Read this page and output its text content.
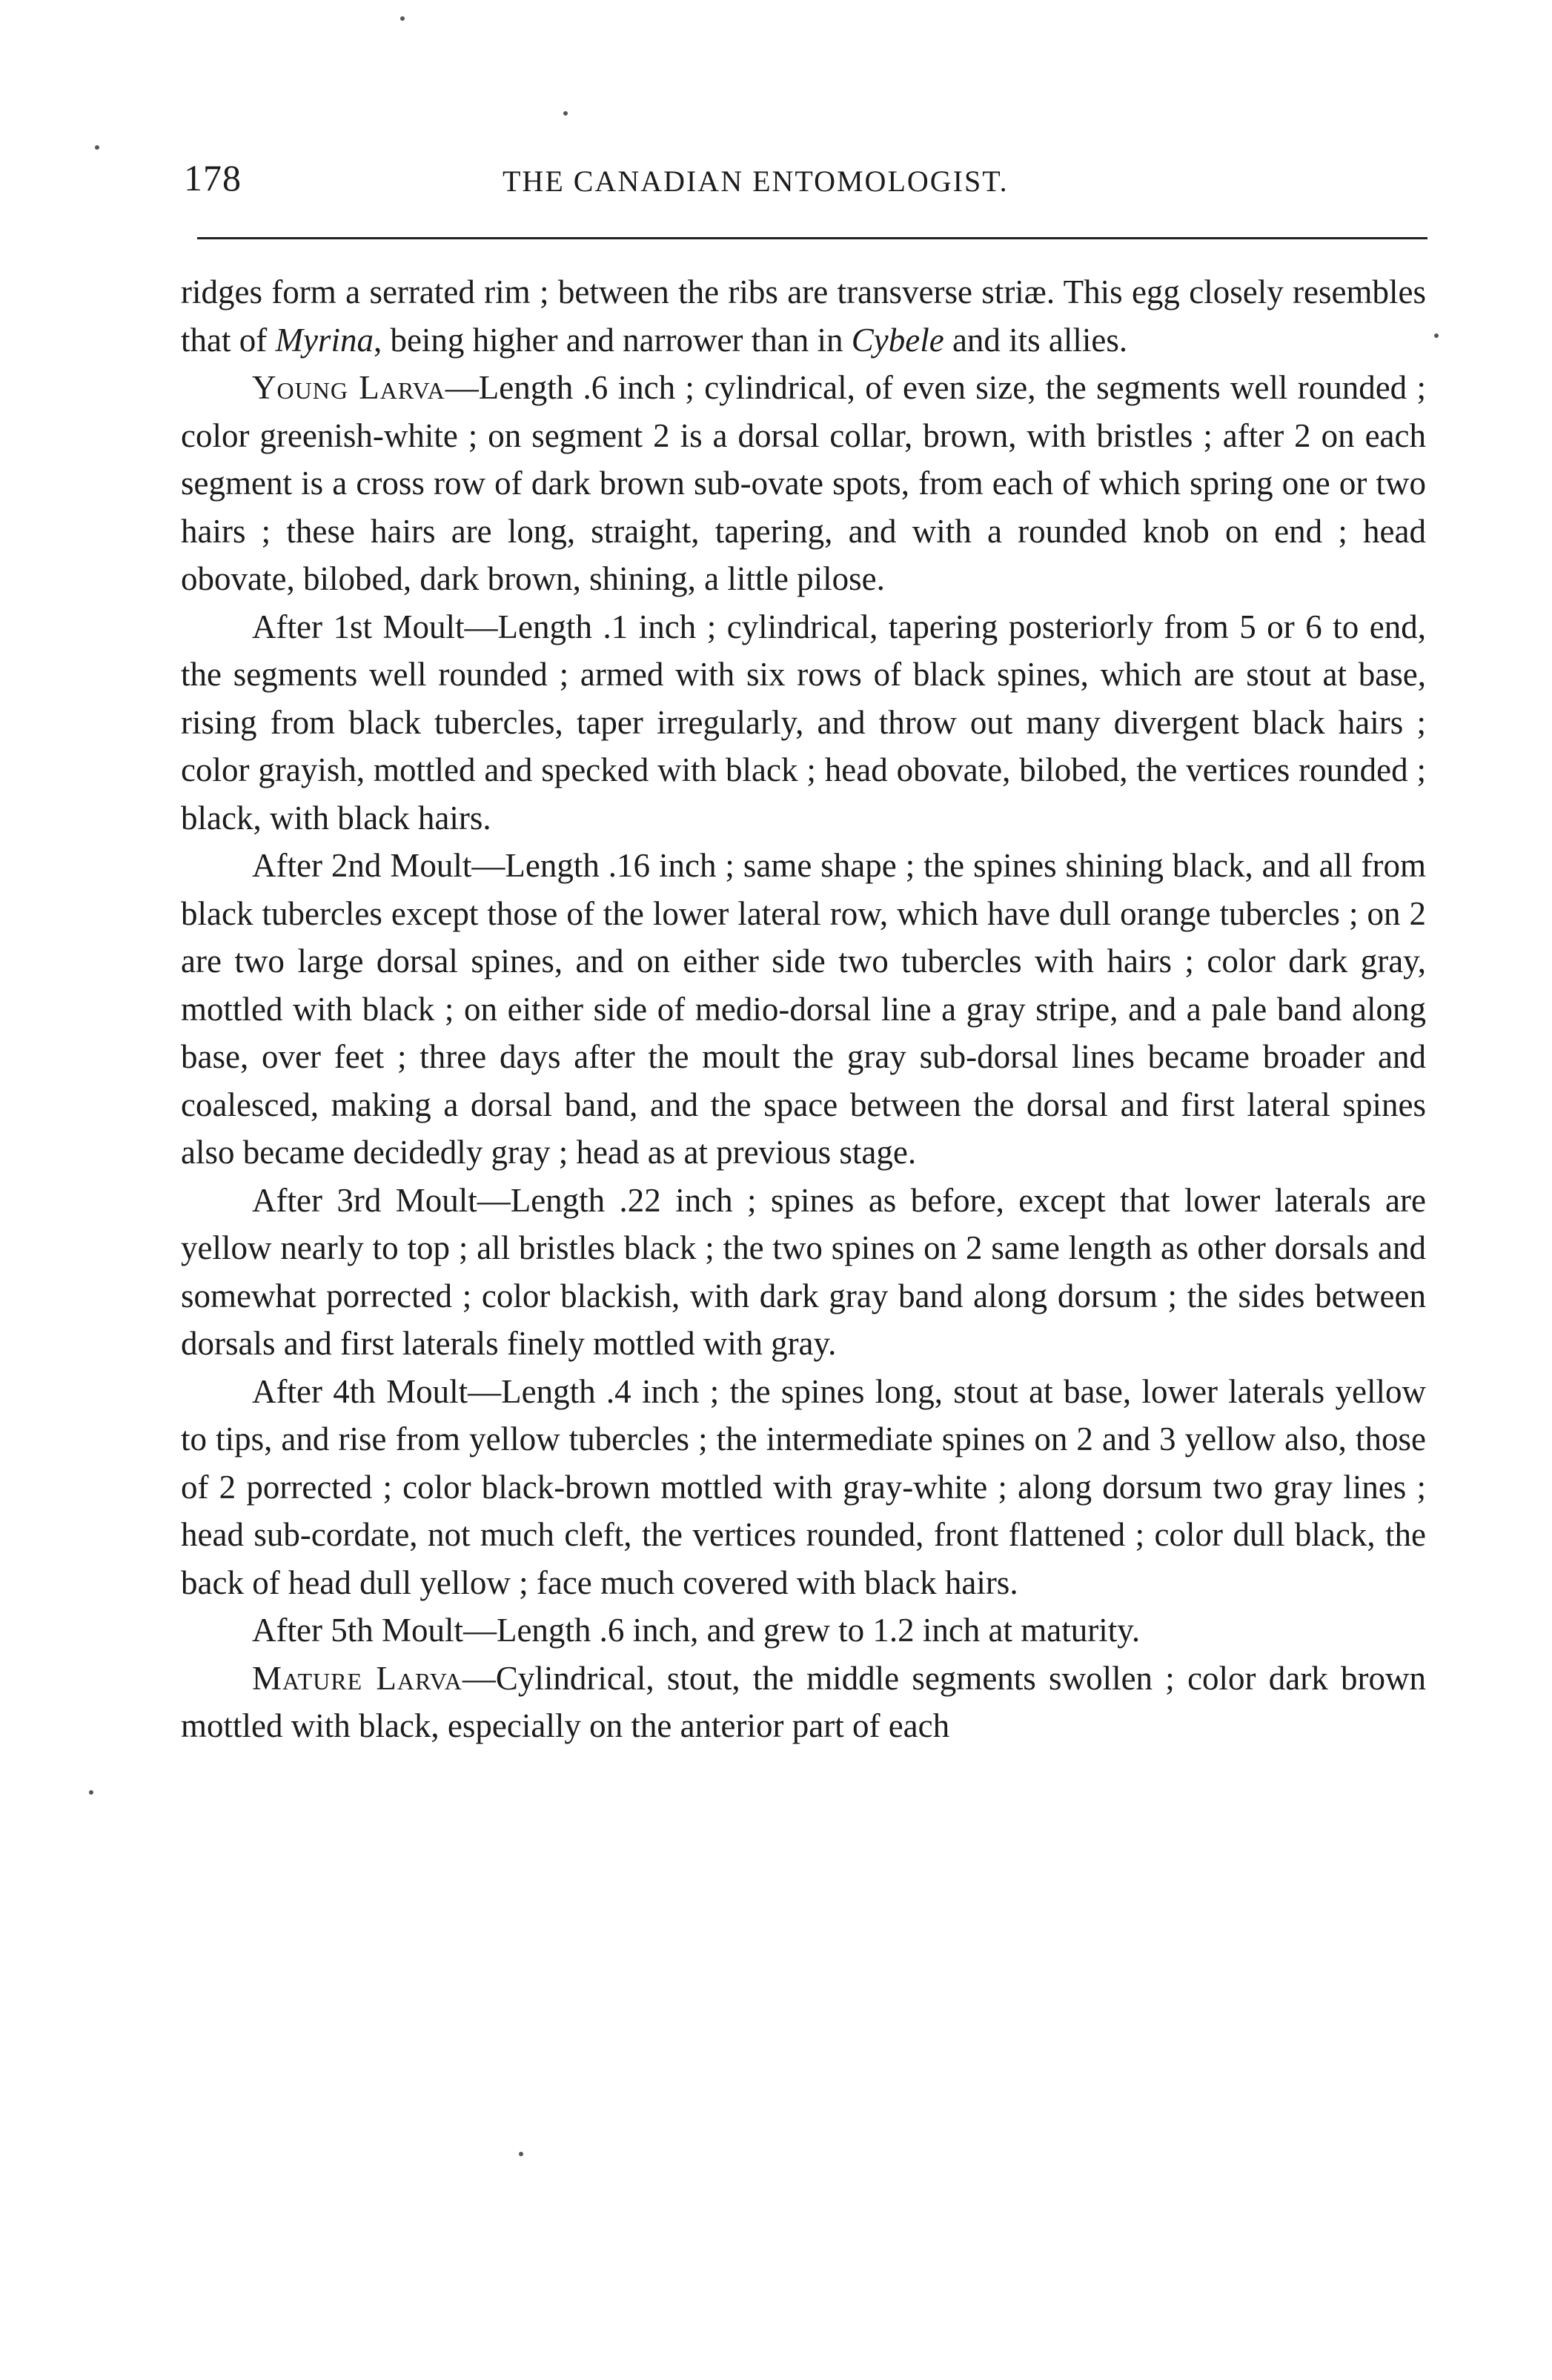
178	THE CANADIAN ENTOMOLOGIST.

ridges form a serrated rim ; between the ribs are transverse striæ. This egg closely resembles that of Myrina, being higher and narrower than in Cybele and its allies.

Young Larva—Length .6 inch ; cylindrical, of even size, the segments well rounded ; color greenish-white ; on segment 2 is a dorsal collar, brown, with bristles ; after 2 on each segment is a cross row of dark brown sub-ovate spots, from each of which spring one or two hairs ; these hairs are long, straight, tapering, and with a rounded knob on end ; head obovate, bilobed, dark brown, shining, a little pilose.

After 1st Moult—Length .1 inch ; cylindrical, tapering posteriorly from 5 or 6 to end, the segments well rounded ; armed with six rows of black spines, which are stout at base, rising from black tubercles, taper irregularly, and throw out many divergent black hairs ; color grayish, mottled and specked with black ; head obovate, bilobed, the vertices rounded ; black, with black hairs.

After 2nd Moult—Length .16 inch ; same shape ; the spines shining black, and all from black tubercles except those of the lower lateral row, which have dull orange tubercles ; on 2 are two large dorsal spines, and on either side two tubercles with hairs ; color dark gray, mottled with black ; on either side of medio-dorsal line a gray stripe, and a pale band along base, over feet ; three days after the moult the gray sub-dorsal lines became broader and coalesced, making a dorsal band, and the space between the dorsal and first lateral spines also became decidedly gray ; head as at previous stage.

After 3rd Moult—Length .22 inch ; spines as before, except that lower laterals are yellow nearly to top ; all bristles black ; the two spines on 2 same length as other dorsals and somewhat porrected ; color blackish, with dark gray band along dorsum ; the sides between dorsals and first laterals finely mottled with gray.

After 4th Moult—Length .4 inch ; the spines long, stout at base, lower laterals yellow to tips, and rise from yellow tubercles ; the intermediate spines on 2 and 3 yellow also, those of 2 porrected ; color black-brown mottled with gray-white ; along dorsum two gray lines ; head sub-cordate, not much cleft, the vertices rounded, front flattened ; color dull black, the back of head dull yellow ; face much covered with black hairs.

After 5th Moult—Length .6 inch, and grew to 1.2 inch at maturity.

Mature Larva—Cylindrical, stout, the middle segments swollen ; color dark brown mottled with black, especially on the anterior part of each
